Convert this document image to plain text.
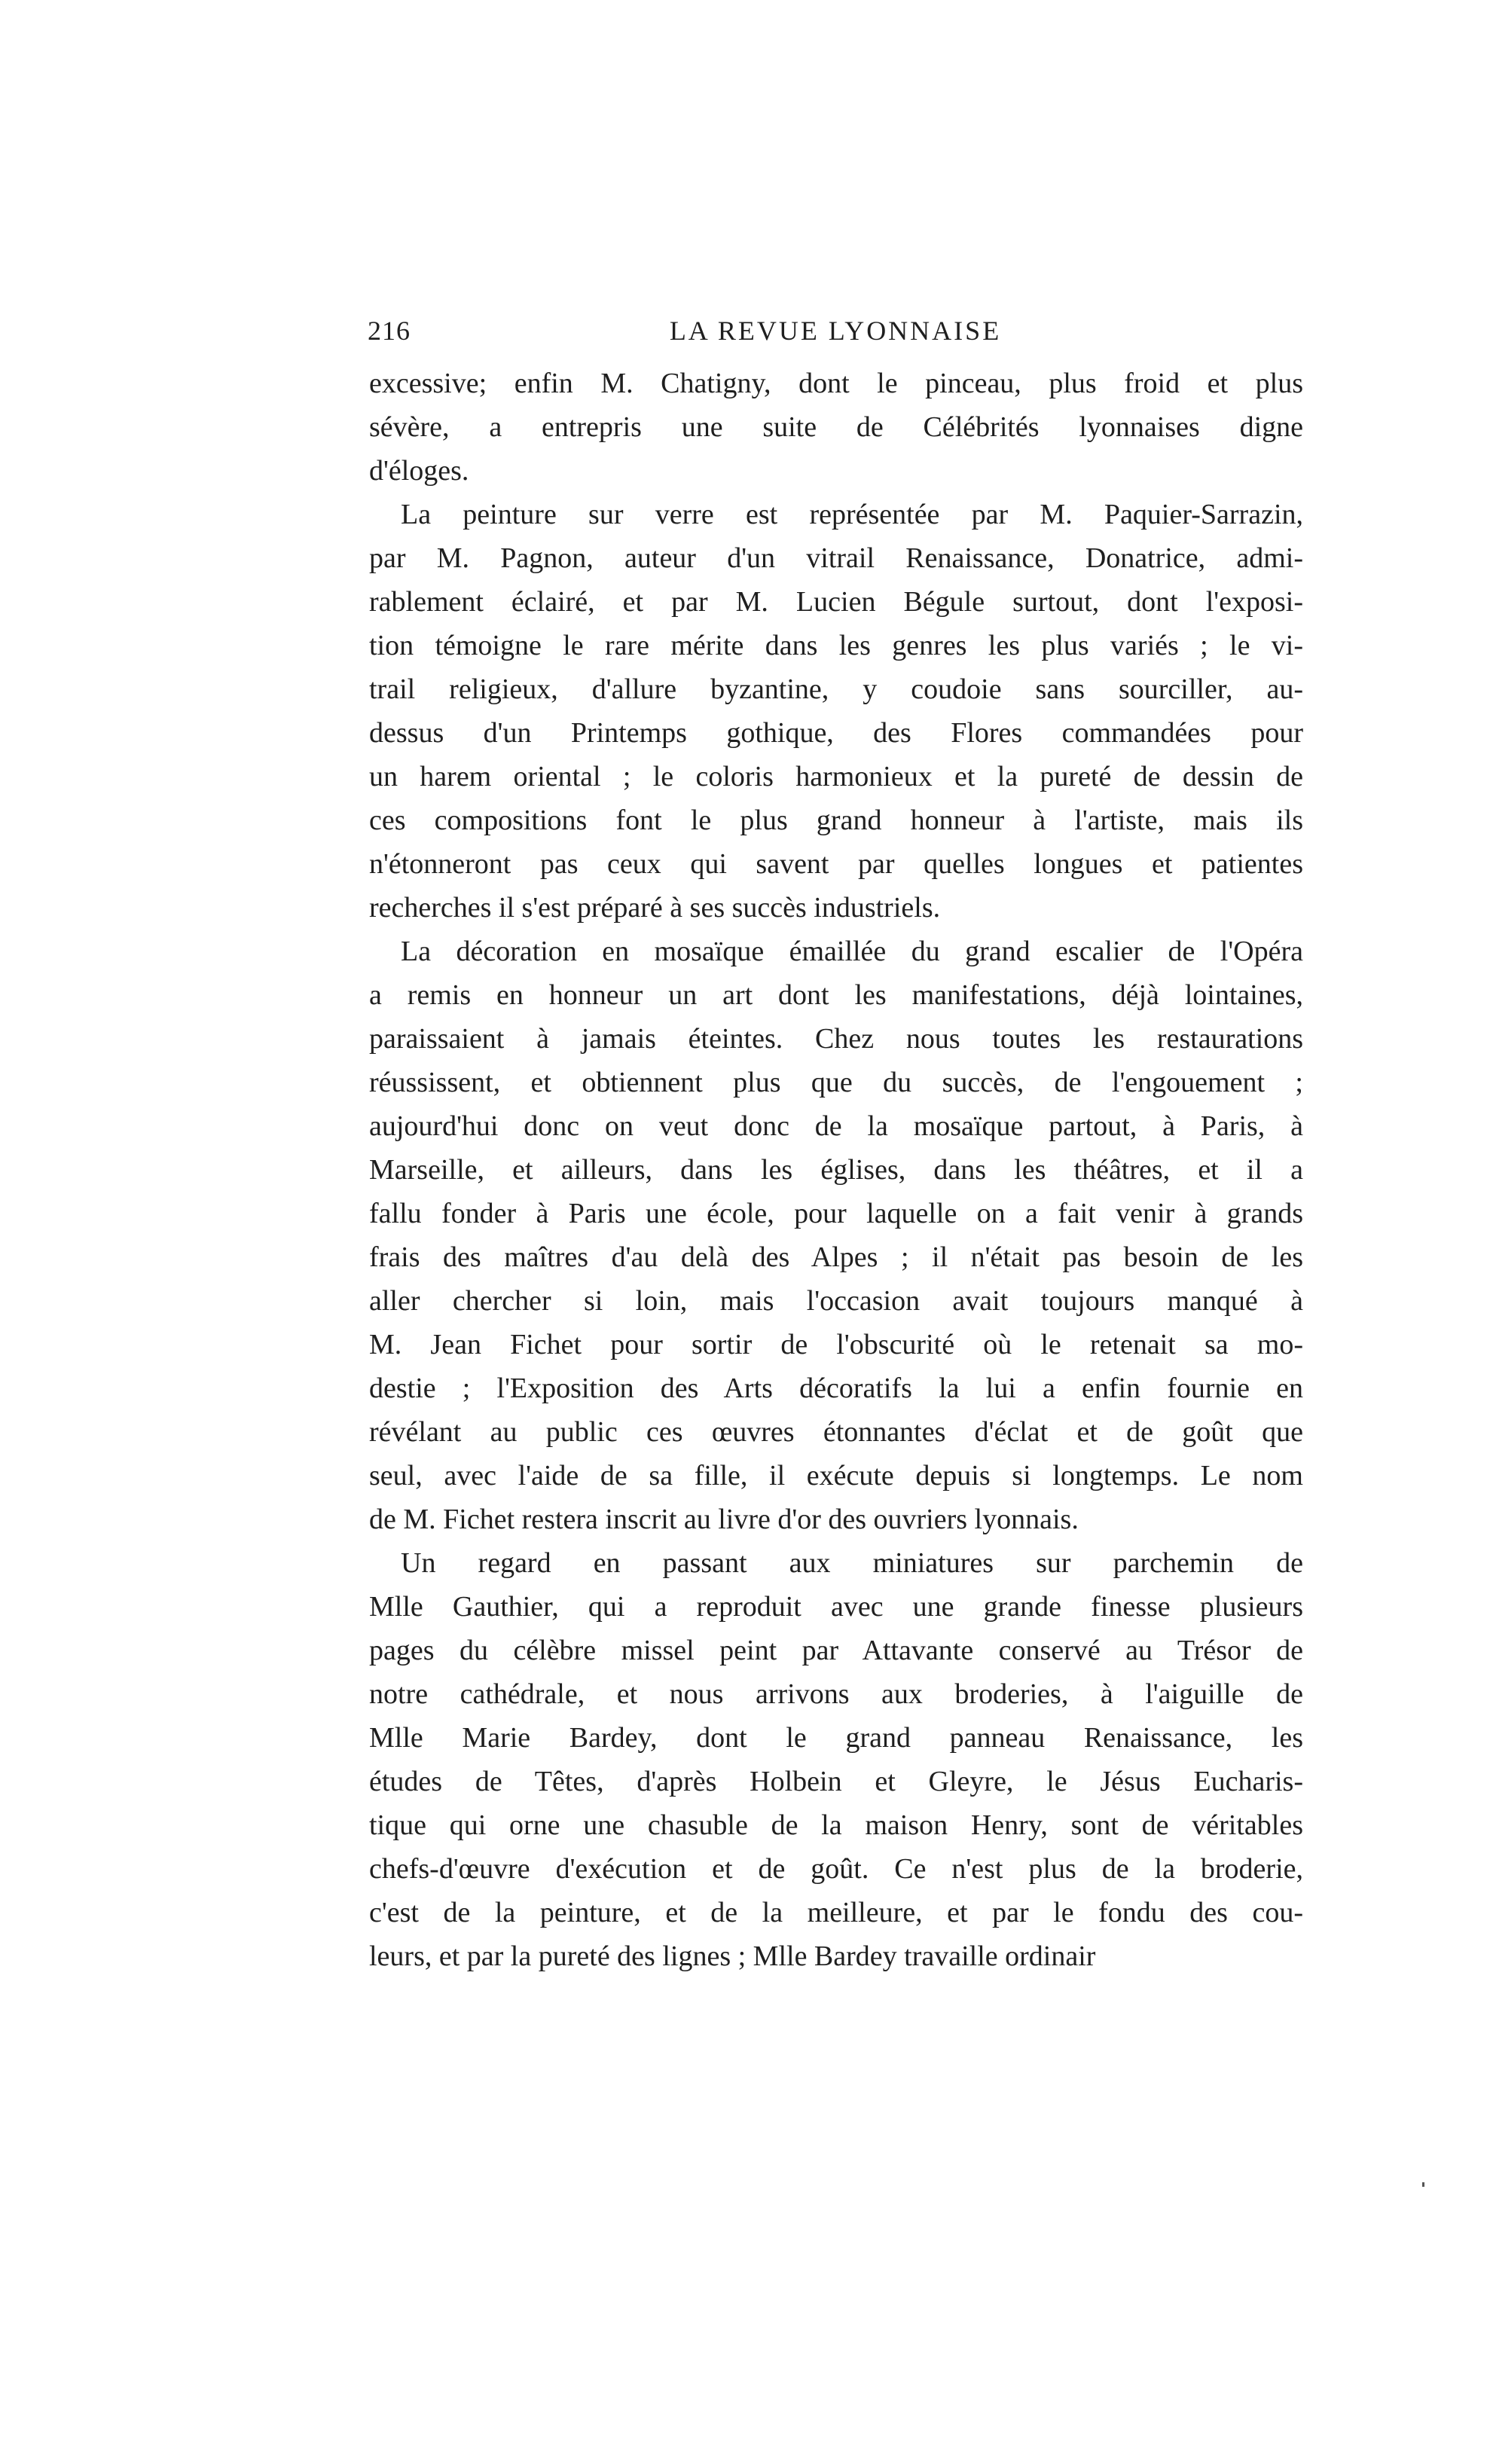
216	LA REVUE LYONNAISE
excessive; enfin M. Chatigny, dont le pinceau, plus froid et plus
sévère, a entrepris une suite de Célébrités lyonnaises digne
d'éloges.
La peinture sur verre est représentée par M. Paquier-Sarrazin,
par M. Pagnon, auteur d'un vitrail Renaissance, Donatrice, admi-
rablement éclairé, et par M. Lucien Bégule surtout, dont l'exposi-
tion témoigne le rare mérite dans les genres les plus variés ; le vi-
trail religieux, d'allure byzantine, y coudoie sans sourciller, au-
dessus d'un Printemps gothique, des Flores commandées pour
un harem oriental ; le coloris harmonieux et la pureté de dessin de
ces compositions font le plus grand honneur à l'artiste, mais ils
n'étonneront pas ceux qui savent par quelles longues et patientes
recherches il s'est préparé à ses succès industriels.
La décoration en mosaïque émaillée du grand escalier de l'Opéra
a remis en honneur un art dont les manifestations, déjà lointaines,
paraissaient à jamais éteintes. Chez nous toutes les restaurations
réussissent, et obtiennent plus que du succès, de l'engouement ;
aujourd'hui donc on veut donc de la mosaïque partout, à Paris, à
Marseille, et ailleurs, dans les églises, dans les théâtres, et il a
fallu fonder à Paris une école, pour laquelle on a fait venir à grands
frais des maîtres d'au delà des Alpes ; il n'était pas besoin de les
aller chercher si loin, mais l'occasion avait toujours manqué à
M. Jean Fichet pour sortir de l'obscurité où le retenait sa mo-
destie ; l'Exposition des Arts décoratifs la lui a enfin fournie en
révélant au public ces œuvres étonnantes d'éclat et de goût que
seul, avec l'aide de sa fille, il exécute depuis si longtemps. Le nom
de M. Fichet restera inscrit au livre d'or des ouvriers lyonnais.
Un regard en passant aux miniatures sur parchemin de
Mlle Gauthier, qui a reproduit avec une grande finesse plusieurs
pages du célèbre missel peint par Attavante conservé au Trésor de
notre cathédrale, et nous arrivons aux broderies, à l'aiguille de
Mlle Marie Bardey, dont le grand panneau Renaissance, les
études de Têtes, d'après Holbein et Gleyre, le Jésus Eucharis-
tique qui orne une chasuble de la maison Henry, sont de véritables
chefs-d'œuvre d'exécution et de goût. Ce n'est plus de la broderie,
c'est de la peinture, et de la meilleure, et par le fondu des cou-
leurs, et par la pureté des lignes ; Mlle Bardey travaille ordinair
